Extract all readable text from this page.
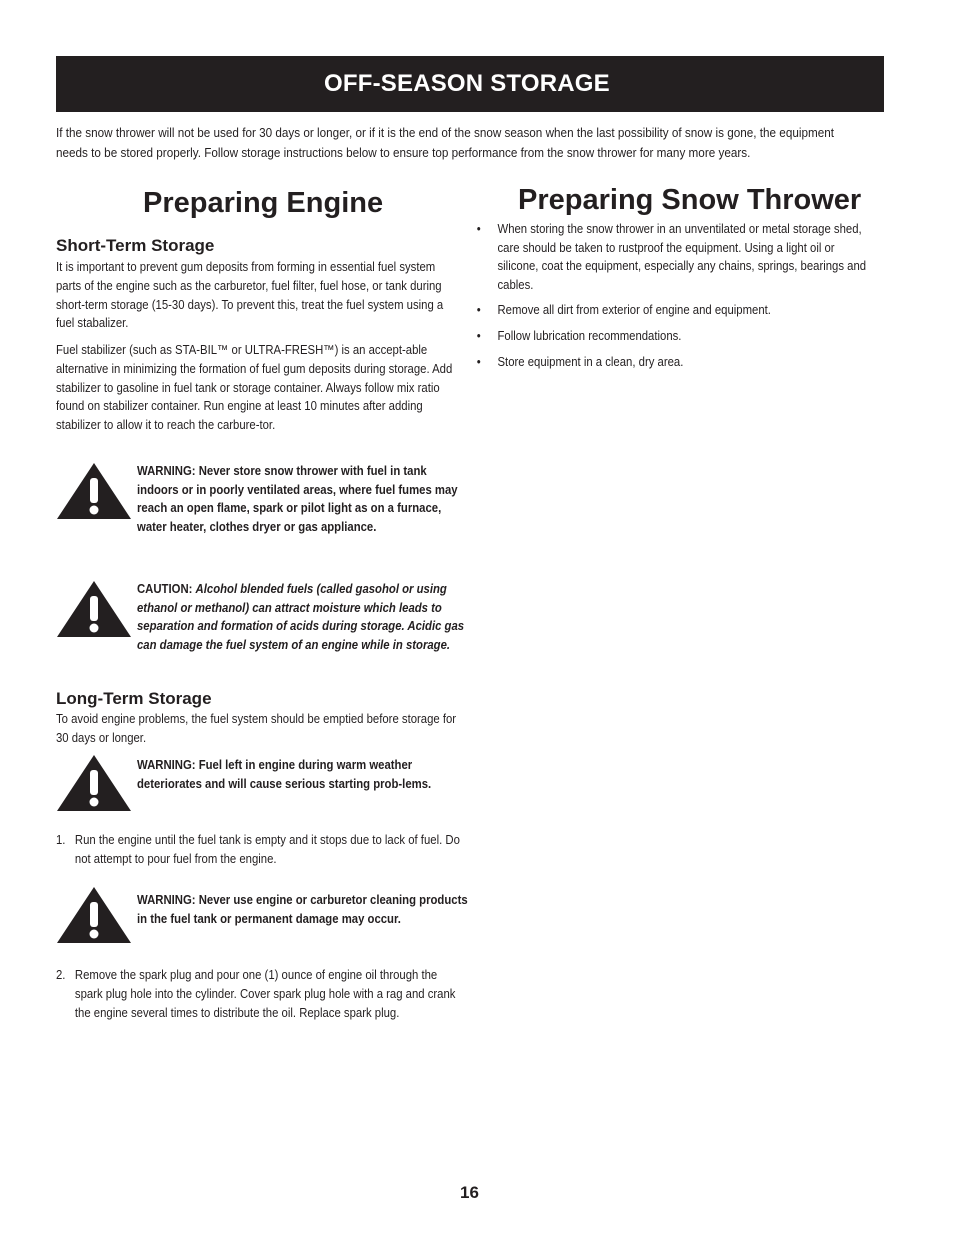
OFF-SEASON STORAGE

If the snow thrower will not be used for 30 days or longer, or if it is the end of the snow season when the last possibility of snow is gone, the equipment needs to be stored properly. Follow storage instructions below to ensure top performance from the snow thrower for many more years.

Preparing Engine
Short-Term Storage

It is important to prevent gum deposits from forming in essential fuel system parts of the engine such as the carburetor, fuel filter, fuel hose, or tank during short-term storage (15-30 days). To prevent this, treat the fuel system using a fuel stabalizer.

Fuel stabilizer (such as STA-BIL™ or ULTRA-FRESH™) is an accept-able alternative in minimizing the formation of fuel gum deposits during storage. Add stabilizer to gasoline in fuel tank or storage container. Always follow mix ratio found on stabilizer container. Run engine at least 10 minutes after adding stabilizer to allow it to reach the carbure-tor.

WARNING: Never store snow thrower with fuel in tank indoors or in poorly ventilated areas, where fuel fumes may reach an open flame, spark or pilot light as on a furnace, water heater, clothes dryer or gas appliance.
CAUTION: Alcohol blended fuels (called gasohol or using ethanol or methanol) can attract moisture which leads to separation and formation of acids during storage. Acidic gas can damage the fuel system of an engine while in storage.
Long-Term Storage

To avoid engine problems, the fuel system should be emptied before storage for 30 days or longer.

WARNING: Fuel left in engine during warm weather deteriorates and will cause serious starting prob-lems.
1. Run the engine until the fuel tank is empty and it stops due to lack of fuel. Do not attempt to pour fuel from the engine.
WARNING: Never use engine or carburetor cleaning products in the fuel tank or permanent damage may occur.
2. Remove the spark plug and pour one (1) ounce of engine oil through the spark plug hole into the cylinder. Cover spark plug hole with a rag and crank the engine several times to distribute the oil. Replace spark plug.
Preparing Snow Thrower
• When storing the snow thrower in an unventilated or metal storage shed, care should be taken to rustproof the equipment. Using a light oil or silicone, coat the equipment, especially any chains, springs, bearings and cables.
• Remove all dirt from exterior of engine and equipment.
• Follow lubrication recommendations.
• Store equipment in a clean, dry area.
16
